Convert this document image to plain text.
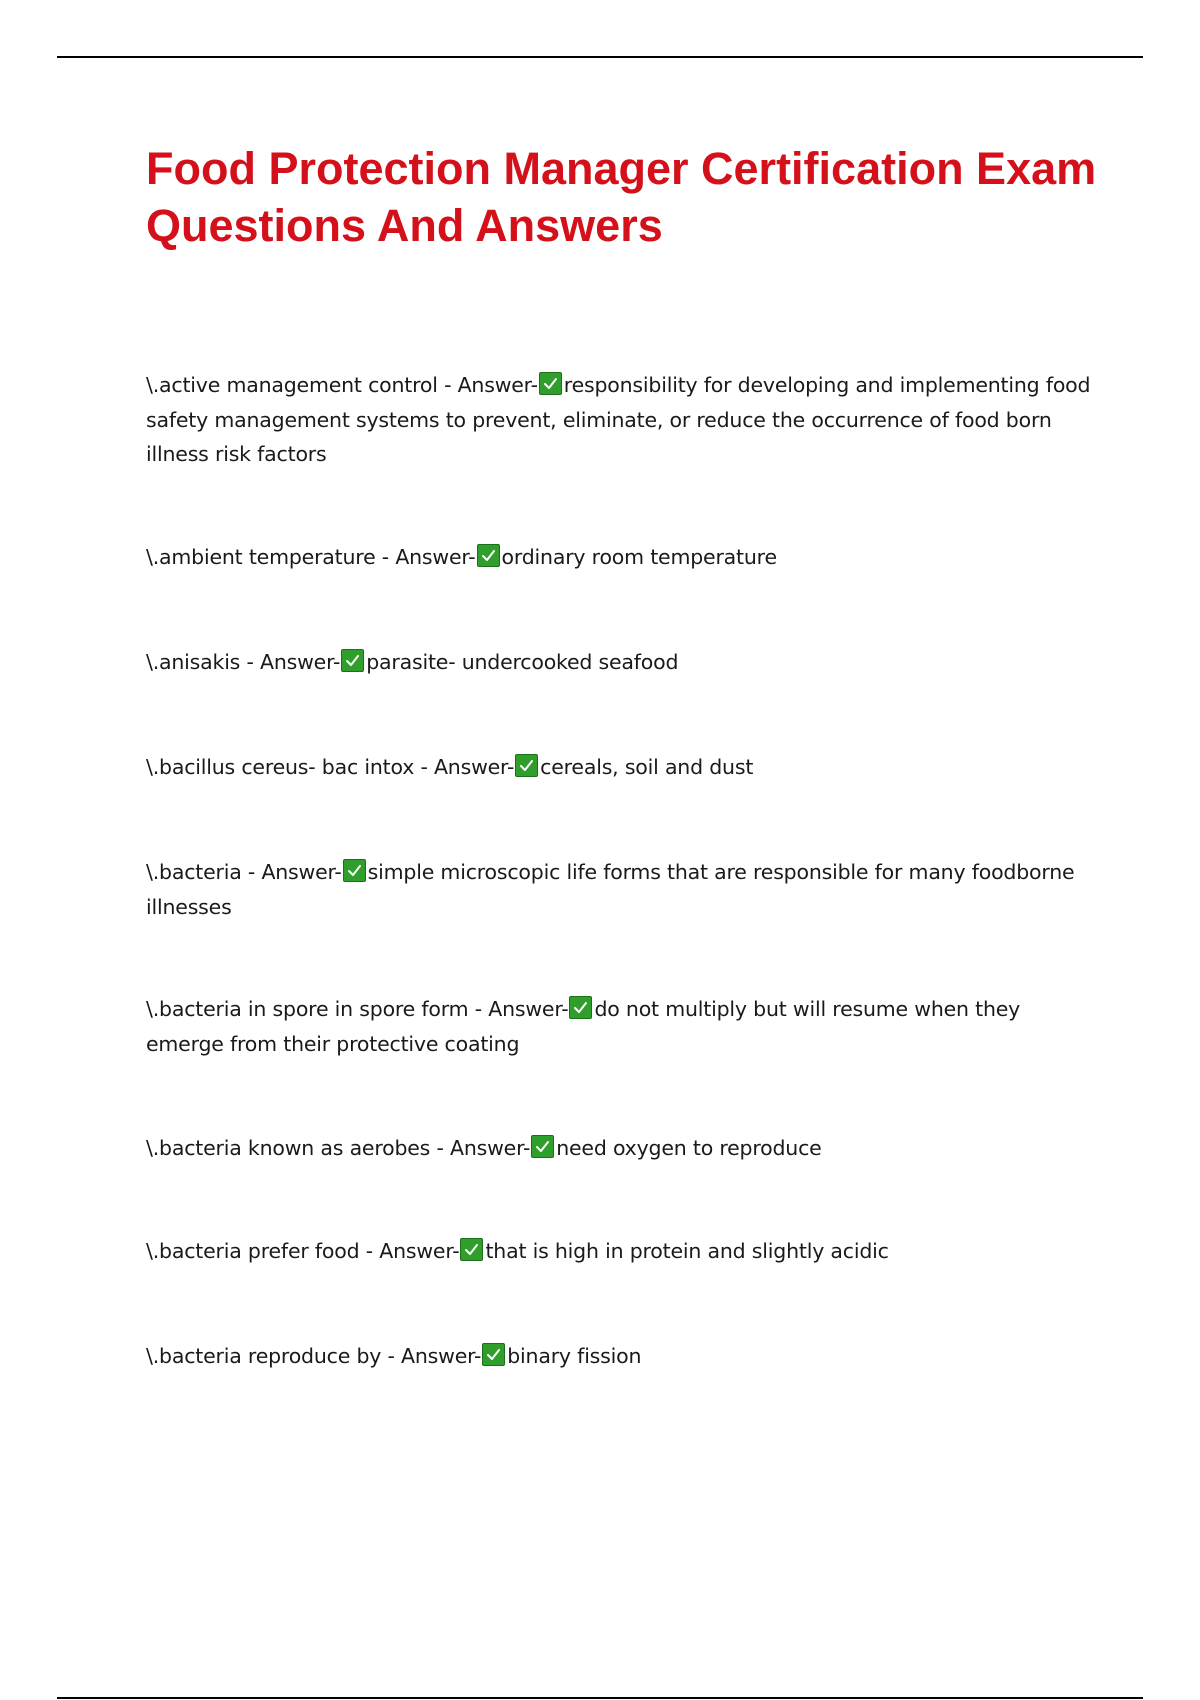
Food Protection Manager Certification Exam Questions And Answers

\.active management control - Answer- responsibility for developing and implementing food safety management systems to prevent, eliminate, or reduce the occurrence of food born illness risk factors

\.ambient temperature - Answer- ordinary room temperature

\.anisakis - Answer- parasite- undercooked seafood

\.bacillus cereus- bac intox - Answer- cereals, soil and dust

\.bacteria - Answer- simple microscopic life forms that are responsible for many foodborne illnesses

\.bacteria in spore in spore form - Answer- do not multiply but will resume when they emerge from their protective coating

\.bacteria known as aerobes - Answer- need oxygen to reproduce

\.bacteria prefer food - Answer- that is high in protein and slightly acidic

\.bacteria reproduce by - Answer- binary fission
